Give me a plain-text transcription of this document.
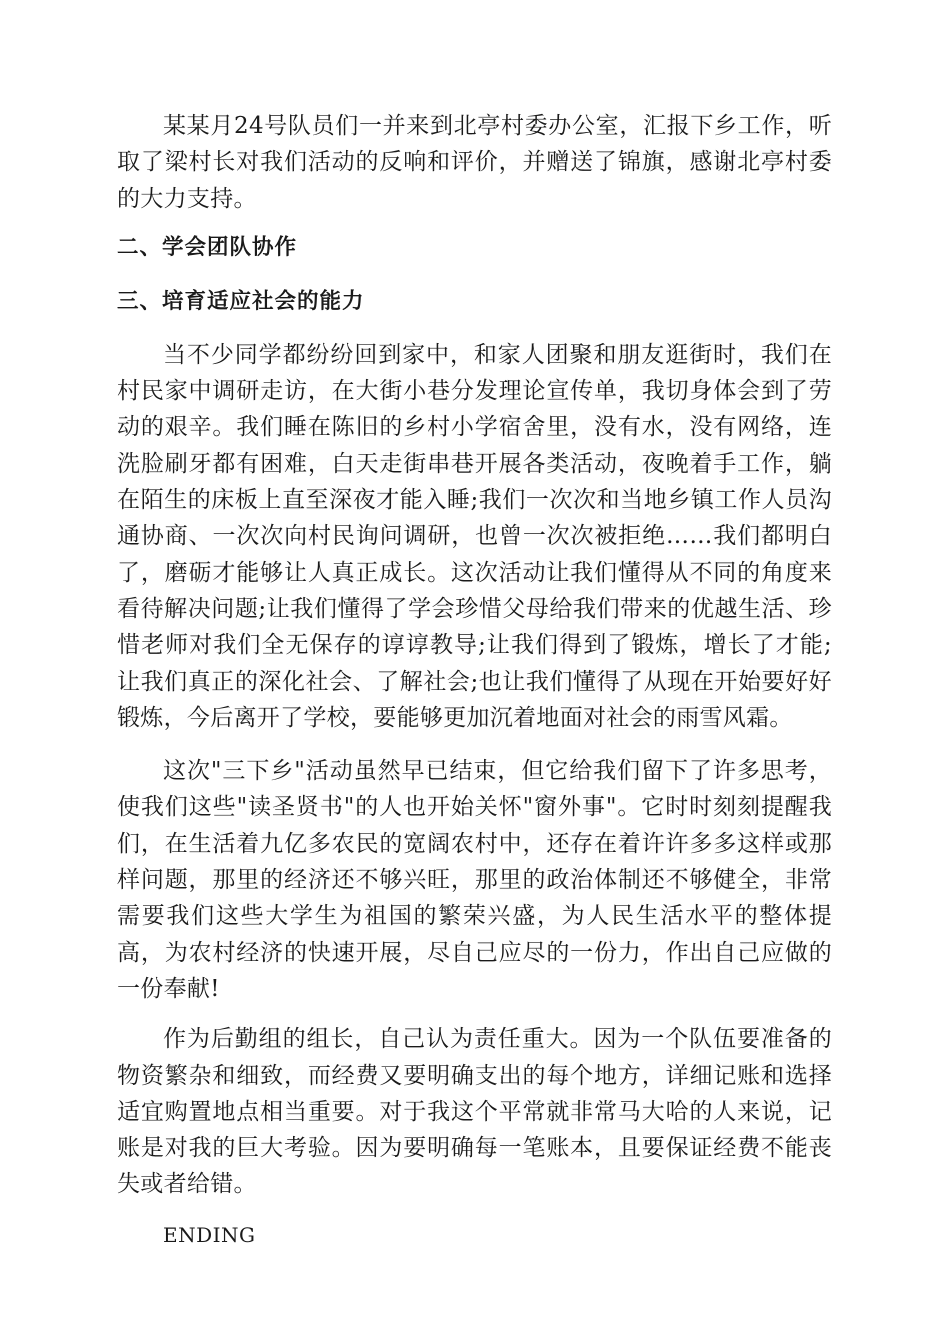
某某月24号队员们一并来到北亭村委办公室，汇报下乡工作，听取了梁村长对我们活动的反响和评价，并赠送了锦旗，感谢北亭村委的大力支持。

二、学会团队协作

三、培育适应社会的能力

当不少同学都纷纷回到家中，和家人团聚和朋友逛街时，我们在村民家中调研走访，在大街小巷分发理论宣传单，我切身体会到了劳动的艰辛。我们睡在陈旧的乡村小学宿舍里，没有水，没有网络，连洗脸刷牙都有困难，白天走街串巷开展各类活动，夜晚着手工作，躺在陌生的床板上直至深夜才能入睡;我们一次次和当地乡镇工作人员沟通协商、一次次向村民询问调研，也曾一次次被拒绝……我们都明白了，磨砺才能够让人真正成长。这次活动让我们懂得从不同的角度来看待解决问题;让我们懂得了学会珍惜父母给我们带来的优越生活、珍惜老师对我们全无保存的谆谆教导;让我们得到了锻炼，增长了才能;让我们真正的深化社会、了解社会;也让我们懂得了从现在开始要好好锻炼，今后离开了学校，要能够更加沉着地面对社会的雨雪风霜。

这次"三下乡"活动虽然早已结束，但它给我们留下了许多思考，使我们这些"读圣贤书"的人也开始关怀"窗外事"。它时时刻刻提醒我们，在生活着九亿多农民的宽阔农村中，还存在着许许多多这样或那样问题，那里的经济还不够兴旺，那里的政治体制还不够健全，非常需要我们这些大学生为祖国的繁荣兴盛，为人民生活水平的整体提高，为农村经济的快速开展，尽自己应尽的一份力，作出自己应做的一份奉献!

作为后勤组的组长，自己认为责任重大。因为一个队伍要准备的物资繁杂和细致，而经费又要明确支出的每个地方，详细记账和选择适宜购置地点相当重要。对于我这个平常就非常马大哈的人来说，记账是对我的巨大考验。因为要明确每一笔账本，且要保证经费不能丧失或者给错。

ENDING
